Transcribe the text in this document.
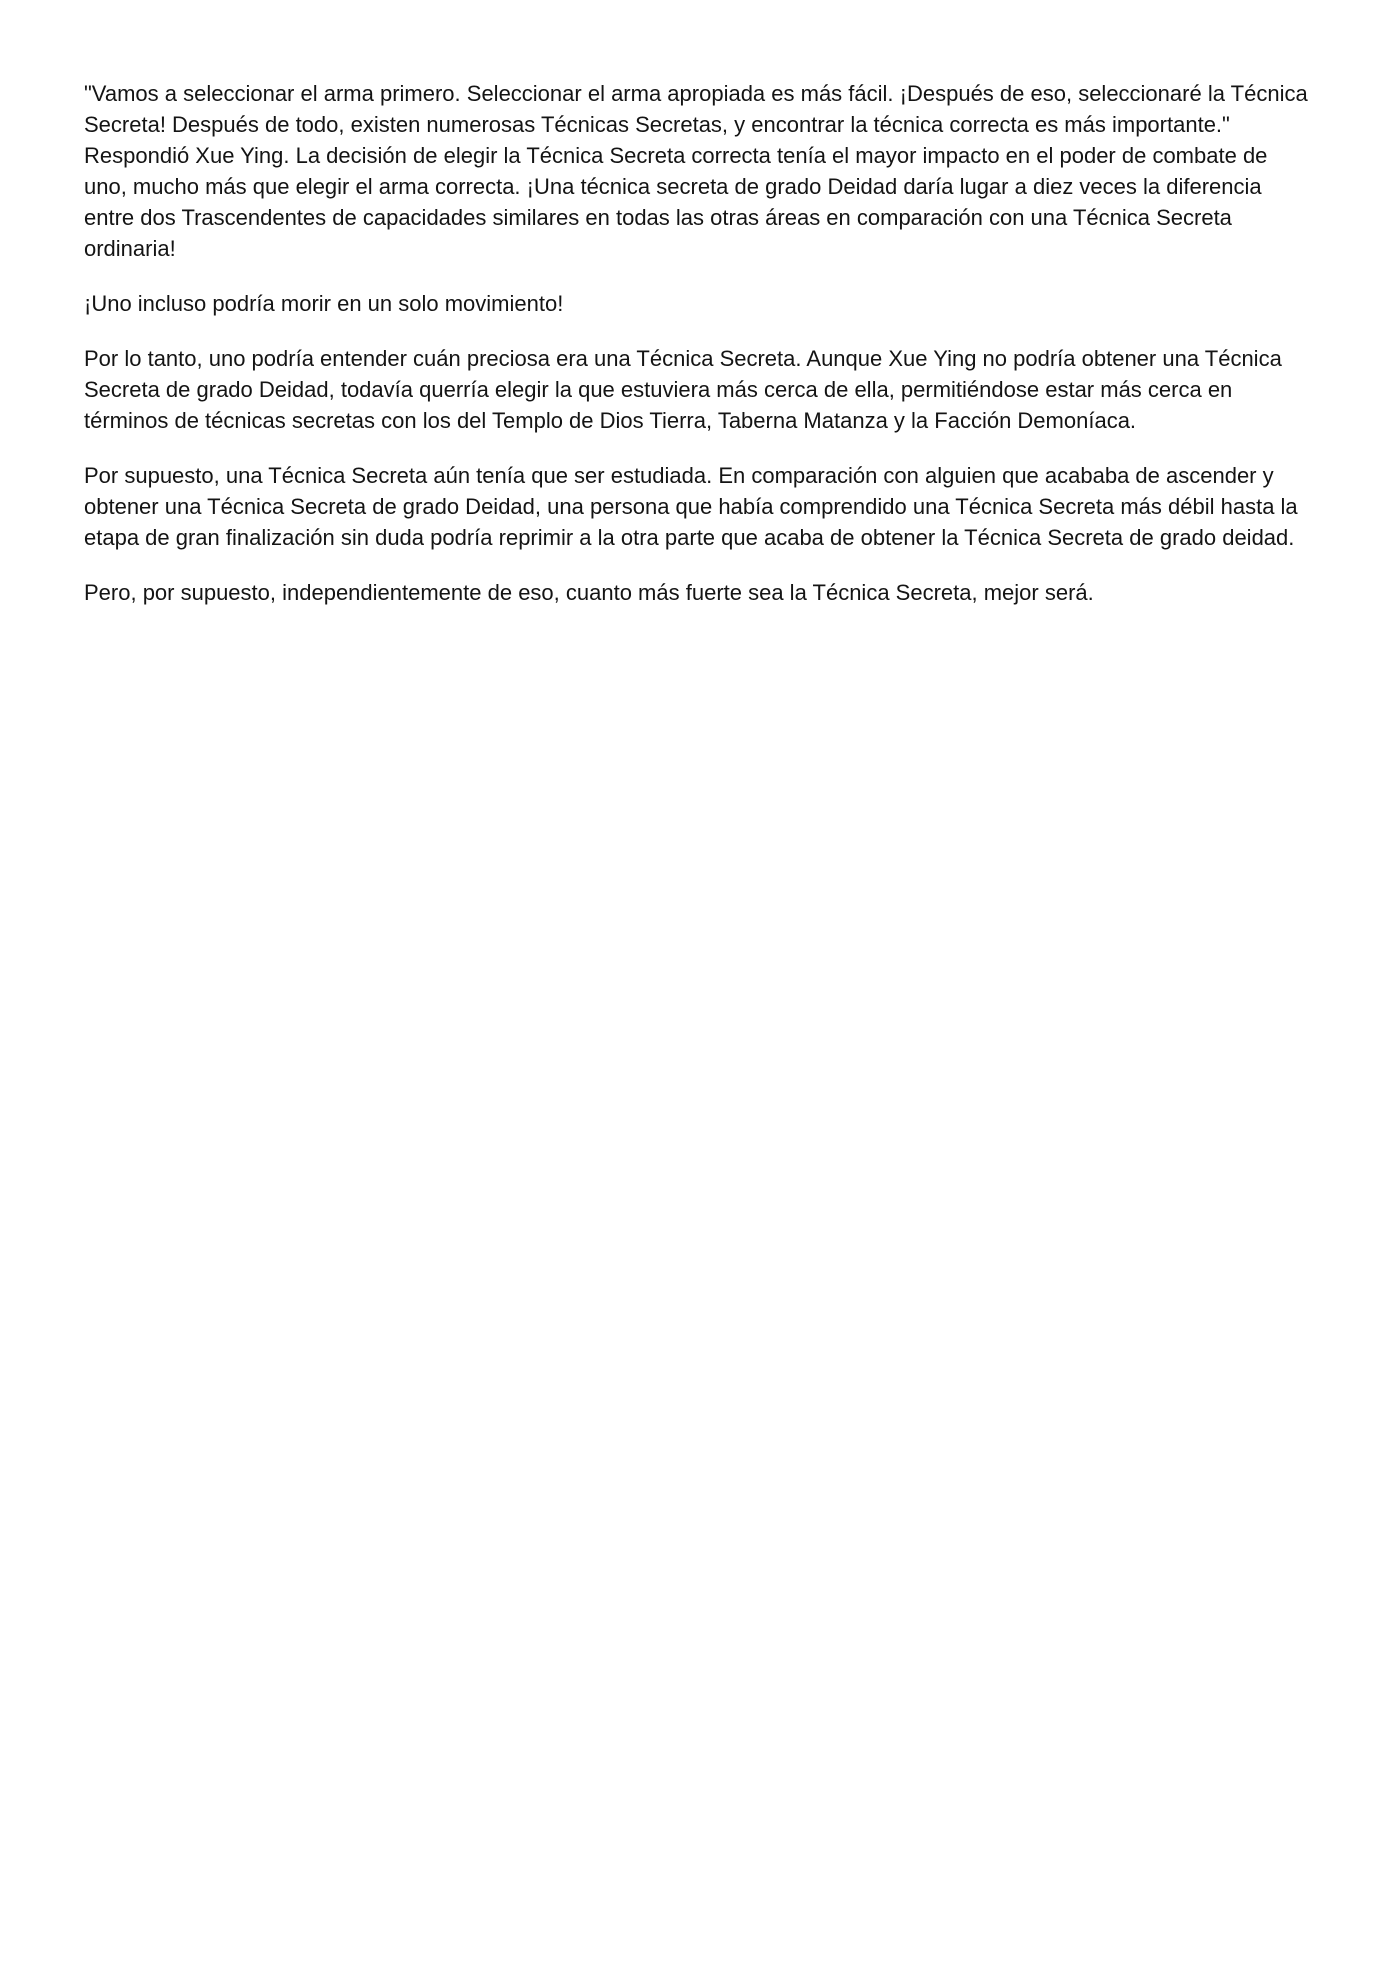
"Vamos a seleccionar el arma primero. Seleccionar el arma apropiada es más fácil. ¡Después de eso, seleccionaré la Técnica Secreta! Después de todo, existen numerosas Técnicas Secretas, y encontrar la técnica correcta es más importante." Respondió Xue Ying. La decisión de elegir la Técnica Secreta correcta tenía el mayor impacto en el poder de combate de uno, mucho más que elegir el arma correcta. ¡Una técnica secreta de grado Deidad daría lugar a diez veces la diferencia entre dos Trascendentes de capacidades similares en todas las otras áreas en comparación con una Técnica Secreta ordinaria!

¡Uno incluso podría morir en un solo movimiento!

Por lo tanto, uno podría entender cuán preciosa era una Técnica Secreta. Aunque Xue Ying no podría obtener una Técnica Secreta de grado Deidad, todavía querría elegir la que estuviera más cerca de ella, permitiéndose estar más cerca en términos de técnicas secretas con los del Templo de Dios Tierra, Taberna Matanza y la Facción Demoníaca.

Por supuesto, una Técnica Secreta aún tenía que ser estudiada. En comparación con alguien que acababa de ascender y obtener una Técnica Secreta de grado Deidad, una persona que había comprendido una Técnica Secreta más débil hasta la etapa de gran finalización sin duda podría reprimir a la otra parte que acaba de obtener la Técnica Secreta de grado deidad.

Pero, por supuesto, independientemente de eso, cuanto más fuerte sea la Técnica Secreta, mejor será.
